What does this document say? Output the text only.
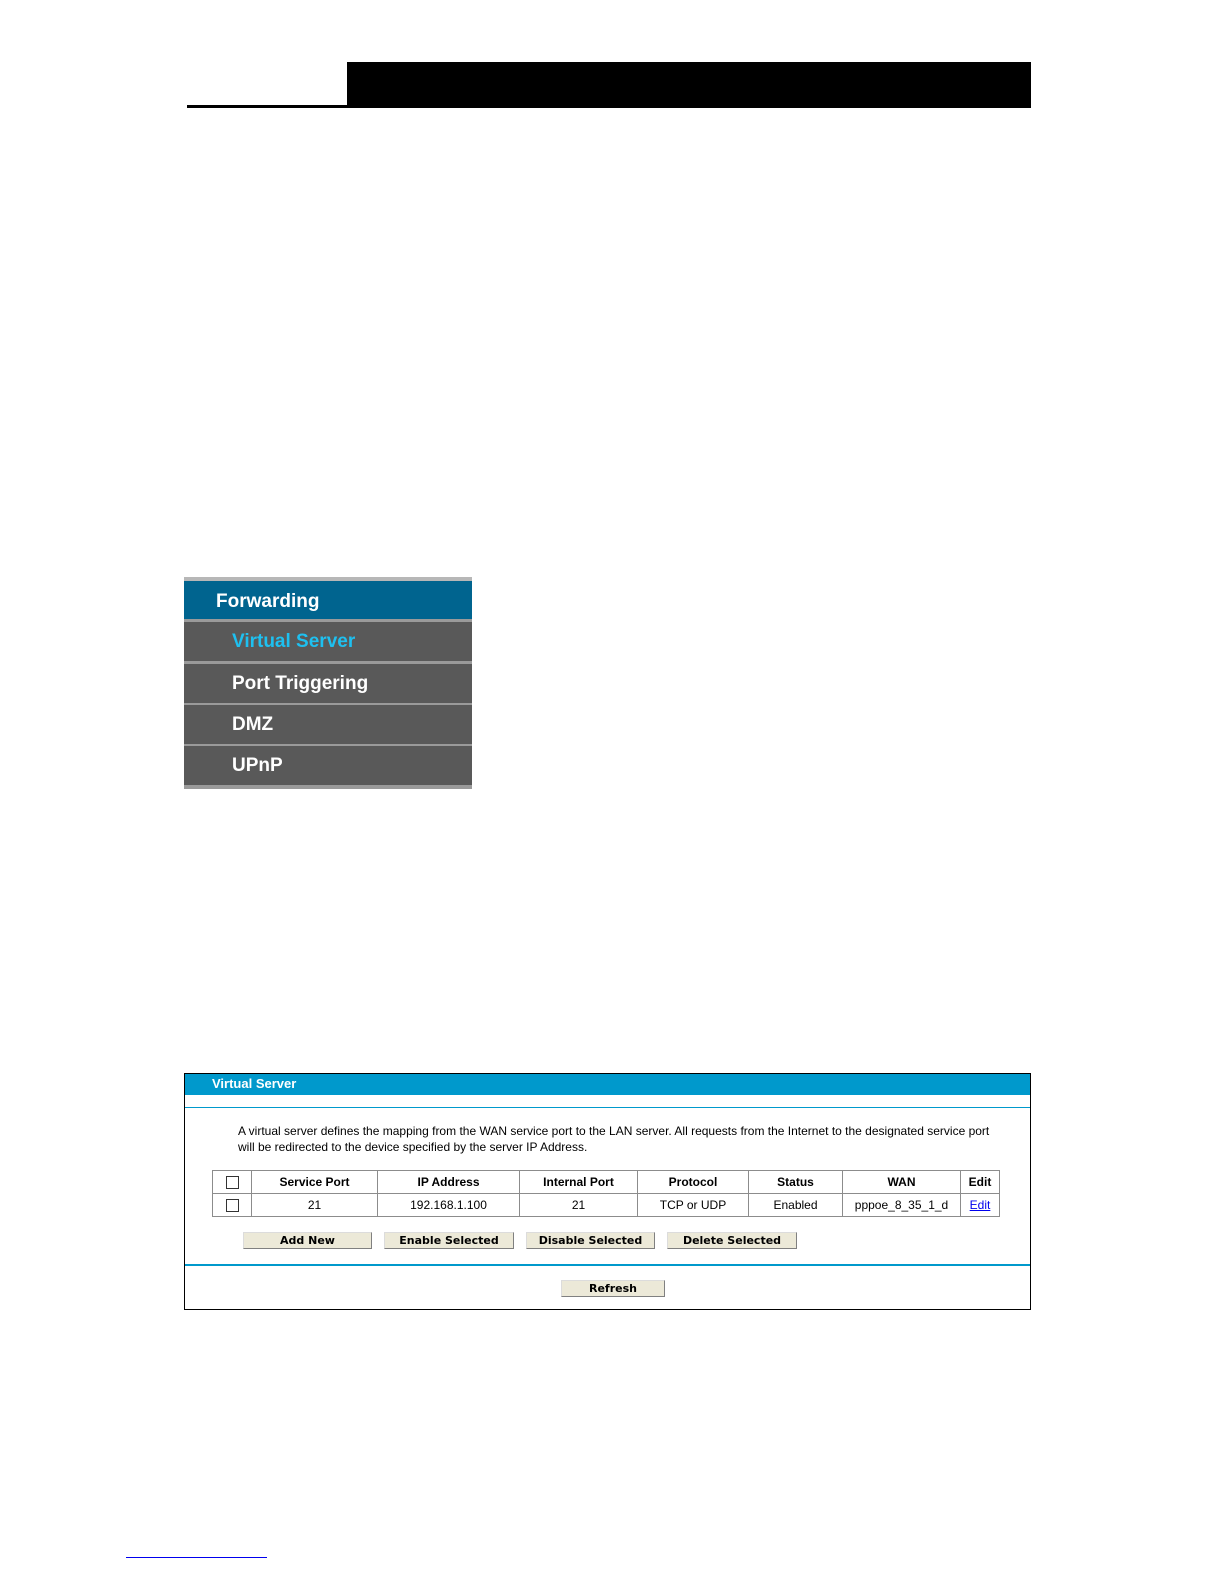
Forwarding
Virtual Server
Port Triggering
DMZ
UPnP
Virtual Server
A virtual server defines the mapping from the WAN service port to the LAN server. All requests from the Internet to the designated service port will be redirected to the device specified by the server IP Address.
	Service Port	IP Address	Internal Port	Protocol	Status	WAN	Edit
	21	192.168.1.100	21	TCP or UDP	Enabled	pppoe_8_35_1_d	Edit
Add New	Enable Selected	Disable Selected	Delete Selected
Refresh
